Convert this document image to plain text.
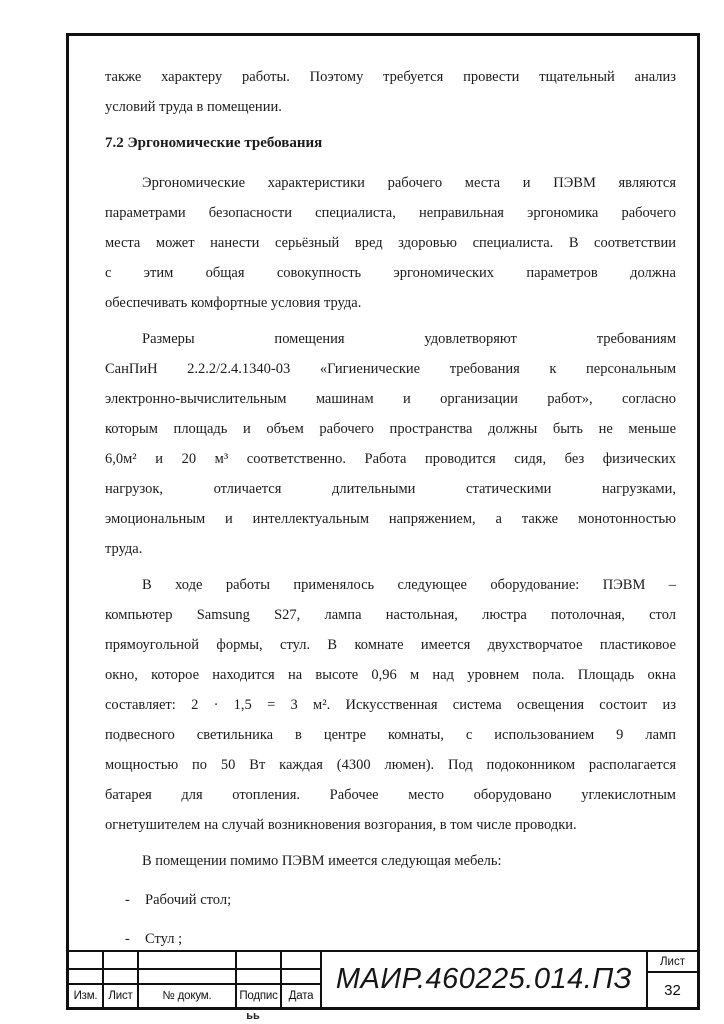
также характеру работы. Поэтому требуется провести тщательный анализ
условий труда в помещении.
7.2 Эргономические требования
Эргономические характеристики рабочего места и ПЭВМ являются
параметрами безопасности специалиста, неправильная эргономика рабочего
места может нанести серьёзный вред здоровью специалиста. В соответствии
с этим общая совокупность эргономических параметров должна
обеспечивать комфортные условия труда.
Размеры помещения удовлетворяют требованиям
СанПиН 2.2.2/2.4.1340-03 «Гигиенические требования к персональным
электронно-вычислительным машинам и организации работ», согласно
которым площадь и объем рабочего пространства должны быть не меньше
6,0м² и 20 м³ соответственно. Работа проводится сидя, без физических
нагрузок, отличается длительными статическими нагрузками,
эмоциональным и интеллектуальным напряжением, а также монотонностью
труда.
В ходе работы применялось следующее оборудование: ПЭВМ –
компьютер Samsung S27, лампа настольная, люстра потолочная, стол
прямоугольной формы, стул. В комнате имеется двухстворчатое пластиковое
окно, которое находится на высоте 0,96 м над уровнем пола. Площадь окна
составляет: 2 · 1,5 = 3 м². Искусственная система освещения состоит из
подвесного светильника в центре комнаты, с использованием 9 ламп
мощностью по 50 Вт каждая (4300 люмен). Под подоконником располагается
батарея для отопления. Рабочее место оборудовано углекислотным
огнетушителем на случай возникновения возгорания, в том числе проводки.
В помещении помимо ПЭВМ имеется следующая мебель:
-	Рабочий стол;
-	Стул ;
Изм. Лист	№ докум.	Подпис Дата
МАИР.460225.014.ПЗ
Лист
32
ьь
